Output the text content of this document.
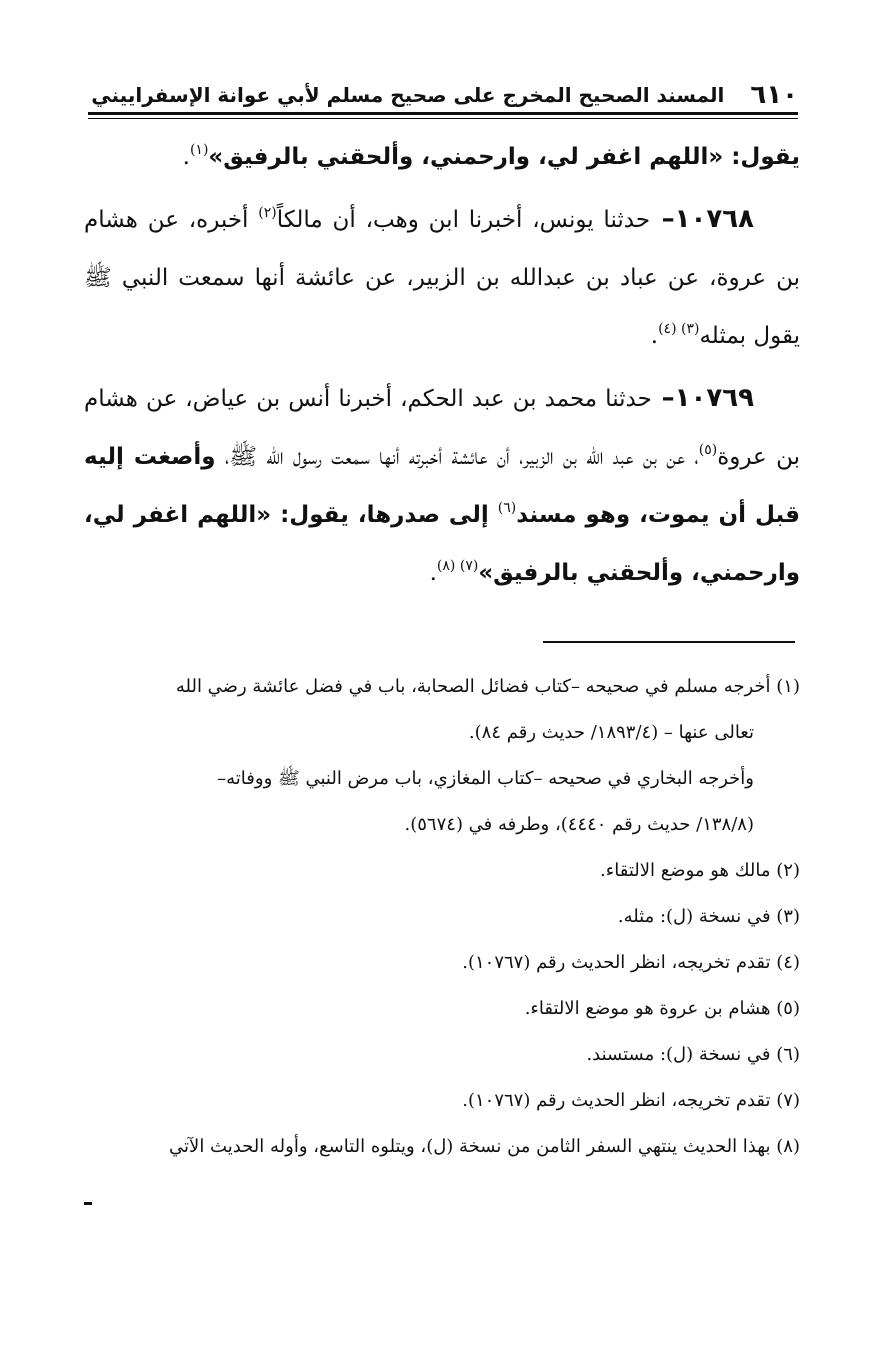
٦١٠
المسند الصحيح المخرج على صحيح مسلم لأبي عوانة الإسفراييني

يقول: «اللهم اغفر لي، وارحمني، وألحقني بالرفيق»$^{(١)}$.

١٠٧٦٨– حدثنا يونس، أخبرنا ابن وهب، أن مالكاً$^{(٢)}$ أخبره، عن هشام بن عروة، عن عباد بن عبدالله بن الزبير، عن عائشة أنها سمعت النبي ﷺ يقول بمثله$^{(٣)}$ $^{(٤)}$.

١٠٧٦٩– حدثنا محمد بن عبد الحكم، أخبرنا أنس بن عياض، عن هشام بن عروة$^{(٥)}$، عن بن عبد الله بن الزبير، أن عائشة أخبرته أنها سمعت رسول الله ﷺ، وأصغت إليه قبل أن يموت، وهو مسند$^{(٦)}$ إلى صدرها، يقول: «اللهم اغفر لي، وارحمني، وألحقني بالرفيق»$^{(٧)}$ $^{(٨)}$.

(١) أخرجه مسلم في صحيحه –كتاب فضائل الصحابة، باب في فضل عائشة رضي الله

تعالى عنها – (١٨٩٣/٤/ حديث رقم ٨٤).

وأخرجه البخاري في صحيحه –كتاب المغازي، باب مرض النبي ﷺ ووفاته–

(١٣٨/٨/ حديث رقم ٤٤٤٠)، وطرفه في (٥٦٧٤).

(٢) مالك هو موضع الالتقاء.

(٣) في نسخة (ل): مثله.

(٤) تقدم تخريجه، انظر الحديث رقم (١٠٧٦٧).

(٥) هشام بن عروة هو موضع الالتقاء.

(٦) في نسخة (ل): مستسند.

(٧) تقدم تخريجه، انظر الحديث رقم (١٠٧٦٧).

(٨) بهذا الحديث ينتهي السفر الثامن من نسخة (ل)، ويتلوه التاسع، وأوله الحديث الآتي
